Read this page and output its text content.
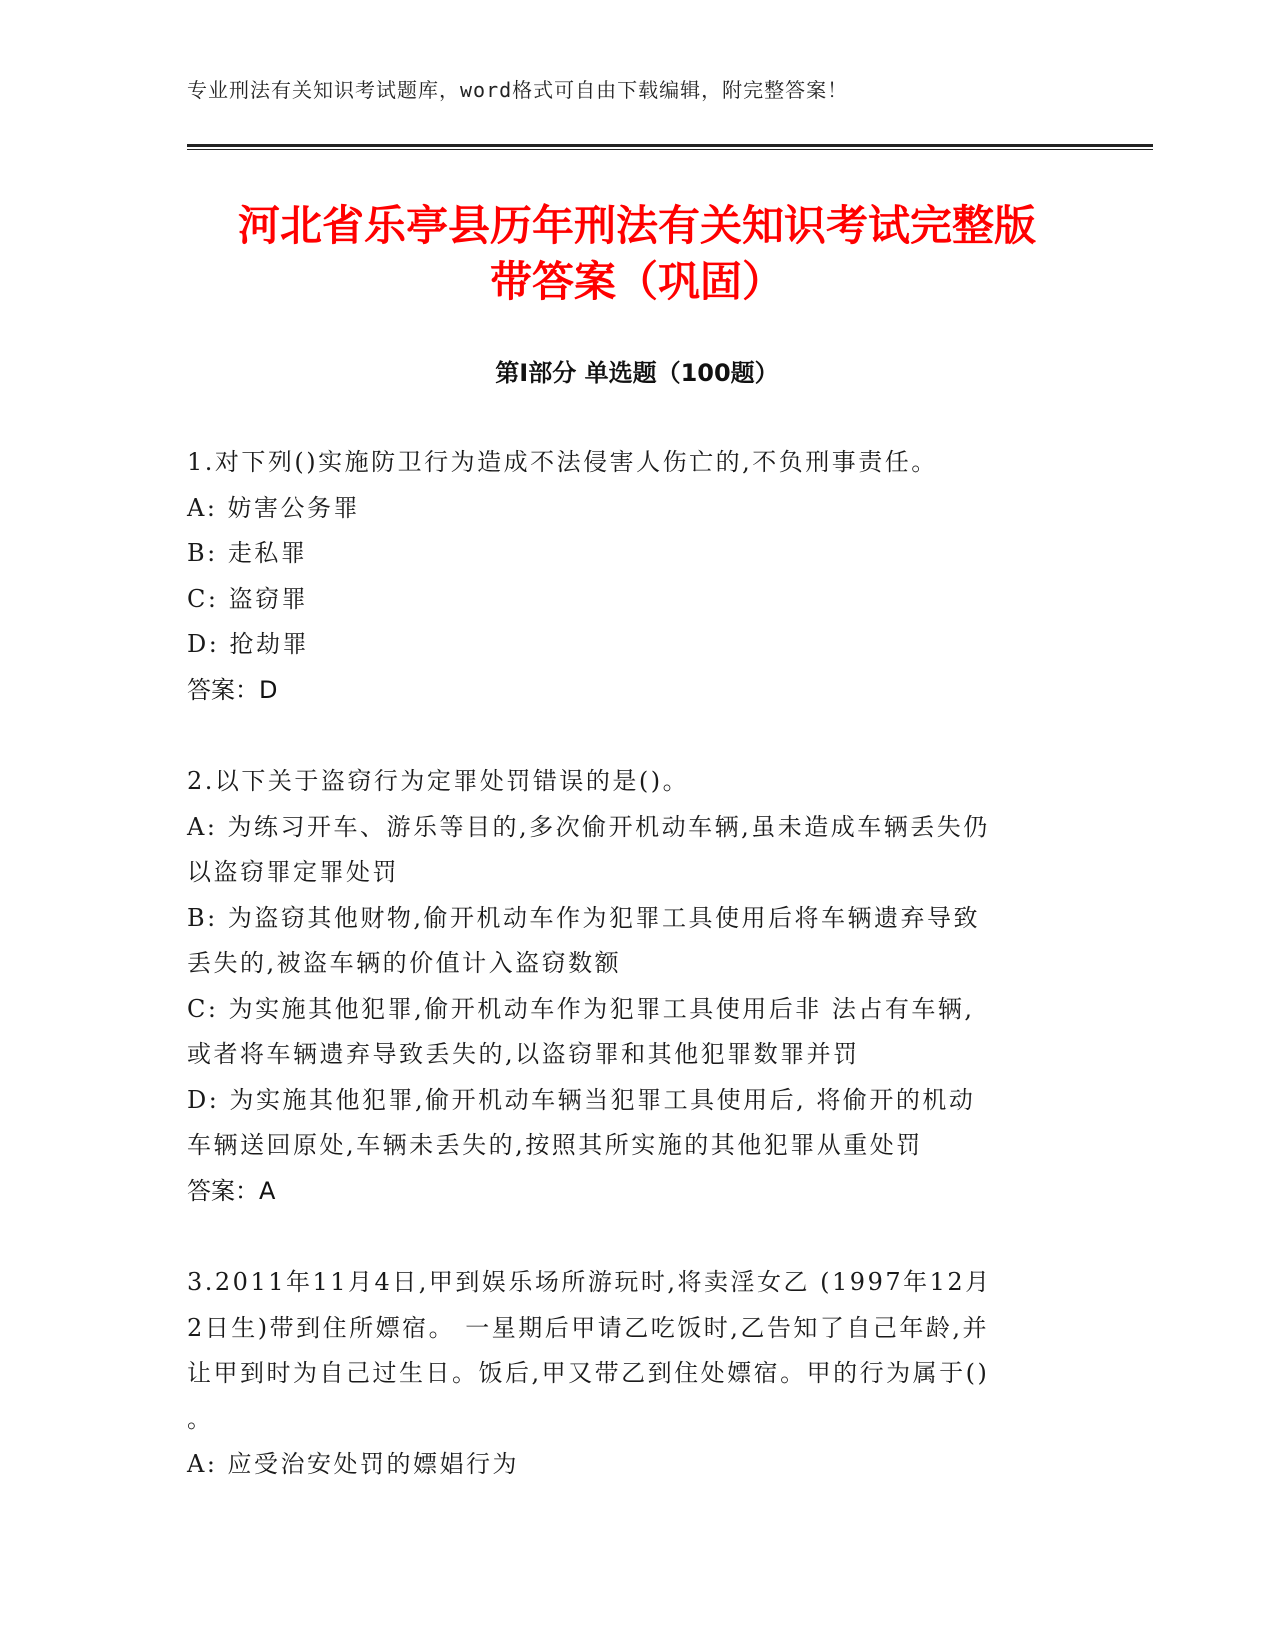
专业刑法有关知识考试题库，word格式可自由下载编辑，附完整答案！
河北省乐亭县历年刑法有关知识考试完整版
带答案（巩固）
第Ⅰ部分 单选题（100题）
1.对下列()实施防卫行为造成不法侵害人伤亡的,不负刑事责任。
A: 妨害公务罪
B: 走私罪
C: 盗窃罪
D: 抢劫罪
答案：D
2.以下关于盗窃行为定罪处罚错误的是()。
A: 为练习开车、游乐等目的,多次偷开机动车辆,虽未造成车辆丢失仍
以盗窃罪定罪处罚
B: 为盗窃其他财物,偷开机动车作为犯罪工具使用后将车辆遗弃导致
丢失的,被盗车辆的价值计入盗窃数额
C: 为实施其他犯罪,偷开机动车作为犯罪工具使用后非 法占有车辆,
或者将车辆遗弃导致丢失的,以盗窃罪和其他犯罪数罪并罚
D: 为实施其他犯罪,偷开机动车辆当犯罪工具使用后, 将偷开的机动
车辆送回原处,车辆未丢失的,按照其所实施的其他犯罪从重处罚
答案：A
3.2011年11月4日,甲到娱乐场所游玩时,将卖淫女乙 (1997年12月
2日生)带到住所嫖宿。 一星期后甲请乙吃饭时,乙告知了自己年龄,并
让甲到时为自己过生日。饭后,甲又带乙到住处嫖宿。甲的行为属于()
。
A: 应受治安处罚的嫖娼行为
